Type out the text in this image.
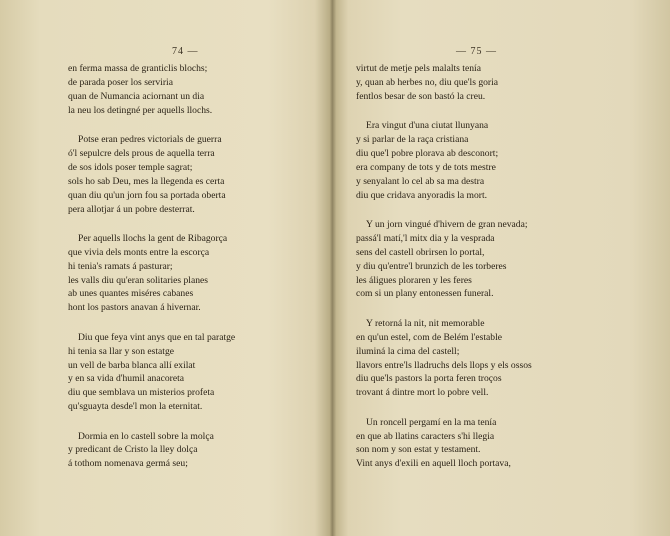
74 —
en ferma massa de granticlis blochs;
de parada poser los serviria
quan de Numancia aciornant un dia
la neu los detingné per aquells llochs.
Potse eran pedres victorials de guerra
ó'l sepulcre dels prous de aquella terra
de sos idols poser temple sagrat;
sols ho sab Deu, mes la llegenda es certa
quan diu qu'un jorn fou sa portada oberta
pera allotjar á un pobre desterrat.
Per aquells llochs la gent de Ribagorça
que vivia dels monts entre la escorça
hi tenia's ramats á pasturar;
les valls diu qu'eran solitaries planes
ab unes quantes miséres cabanes
hont los pastors anavan á hivernar.
Diu que feya vint anys que en tal paratge
hi tenia sa llar y son estatge
un vell de barba blanca allí exilat
y en sa vida d'humil anacoreta
diu que semblava un misterios profeta
qu'sguayta desde'l mon la eternitat.
Dormia en lo castell sobre la molça
y predicant de Cristo la lley dolça
á tothom nomenava germá seu;
— 75 —
virtut de metje pels malalts tenía
y, quan ab herbes no, diu que'ls goria
fentlos besar de son bastó la creu.
Era vingut d'una ciutat llunyana
y si parlar de la raça cristiana
diu que'l pobre plorava ab desconort;
era company de tots y de tots mestre
y senyalant lo cel ab sa ma destra
diu que cridava anyoradis la mort.
Y un jorn vingué d'hivern de gran nevada;
passá'l matí,'l mitx dia y la vesprada
sens del castell obrirsen lo portal,
y diu qu'entre'l brunzich de les torberes
les áligues ploraren y les feres
com si un plany entonessen funeral.
Y retorná la nit, nit memorable
en qu'un estel, com de Belém l'estable
iluminá la cima del castell;
llavors entre'ls lladruchs dels llops y els ossos
diu que'ls pastors la porta feren troços
trovant á dintre mort lo pobre vell.
Un roncell pergamí en la ma tenía
en que ab llatins caracters s'hi llegia
son nom y son estat y testament.
Vint anys d'exili en aquell lloch portava,
